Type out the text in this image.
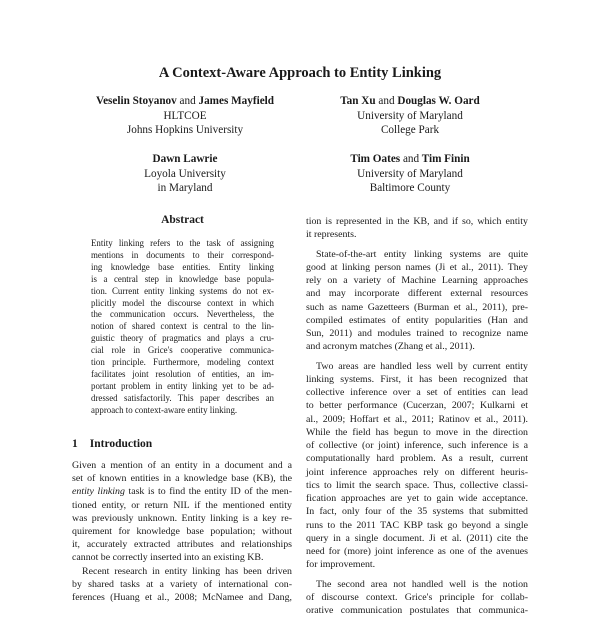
A Context-Aware Approach to Entity Linking
Veselin Stoyanov and James Mayfield
HLTCOE
Johns Hopkins University
Tan Xu and Douglas W. Oard
University of Maryland
College Park
Dawn Lawrie
Loyola University
in Maryland
Tim Oates and Tim Finin
University of Maryland
Baltimore County
Abstract
Entity linking refers to the task of assigning
mentions in documents to their correspond-
ing knowledge base entities. Entity linking
is a central step in knowledge base popula-
tion. Current entity linking systems do not ex-
plicitly model the discourse context in which
the communication occurs. Nevertheless, the
notion of shared context is central to the lin-
guistic theory of pragmatics and plays a cru-
cial role in Grice's cooperative communica-
tion principle. Furthermore, modeling context
facilitates joint resolution of entities, an im-
portant problem in entity linking yet to be ad-
dressed satisfactorily. This paper describes an
approach to context-aware entity linking.
1 Introduction
Given a mention of an entity in a document and a
set of known entities in a knowledge base (KB), the
entity linking task is to find the entity ID of the men-
tioned entity, or return NIL if the mentioned entity
was previously unknown. Entity linking is a key re-
quirement for knowledge base population; without
it, accurately extracted attributes and relationships
cannot be correctly inserted into an existing KB.
Recent research in entity linking has been driven
by shared tasks at a variety of international con-
ferences (Huang et al., 2008; McNamee and Dang,
tion is represented in the KB, and if so, which entity
it represents.
State-of-the-art entity linking systems are quite
good at linking person names (Ji et al., 2011). They
rely on a variety of Machine Learning approaches
and may incorporate different external resources
such as name Gazetteers (Burman et al., 2011), pre-
compiled estimates of entity popularities (Han and
Sun, 2011) and modules trained to recognize name
and acronym matches (Zhang et al., 2011).
Two areas are handled less well by current entity
linking systems. First, it has been recognized that
collective inference over a set of entities can lead
to better performance (Cucerzan, 2007; Kulkarni et
al., 2009; Hoffart et al., 2011; Ratinov et al., 2011).
While the field has begun to move in the direction
of collective (or joint) inference, such inference is a
computationally hard problem. As a result, current
joint inference approaches rely on different heuris-
tics to limit the search space. Thus, collective classi-
fication approaches are yet to gain wide acceptance.
In fact, only four of the 35 systems that submitted
runs to the 2011 TAC KBP task go beyond a single
query in a single document. Ji et al. (2011) cite the
need for (more) joint inference as one of the avenues
for improvement.
The second area not handled well is the notion
of discourse context. Grice's principle for collab-
orative communication postulates that communica-
